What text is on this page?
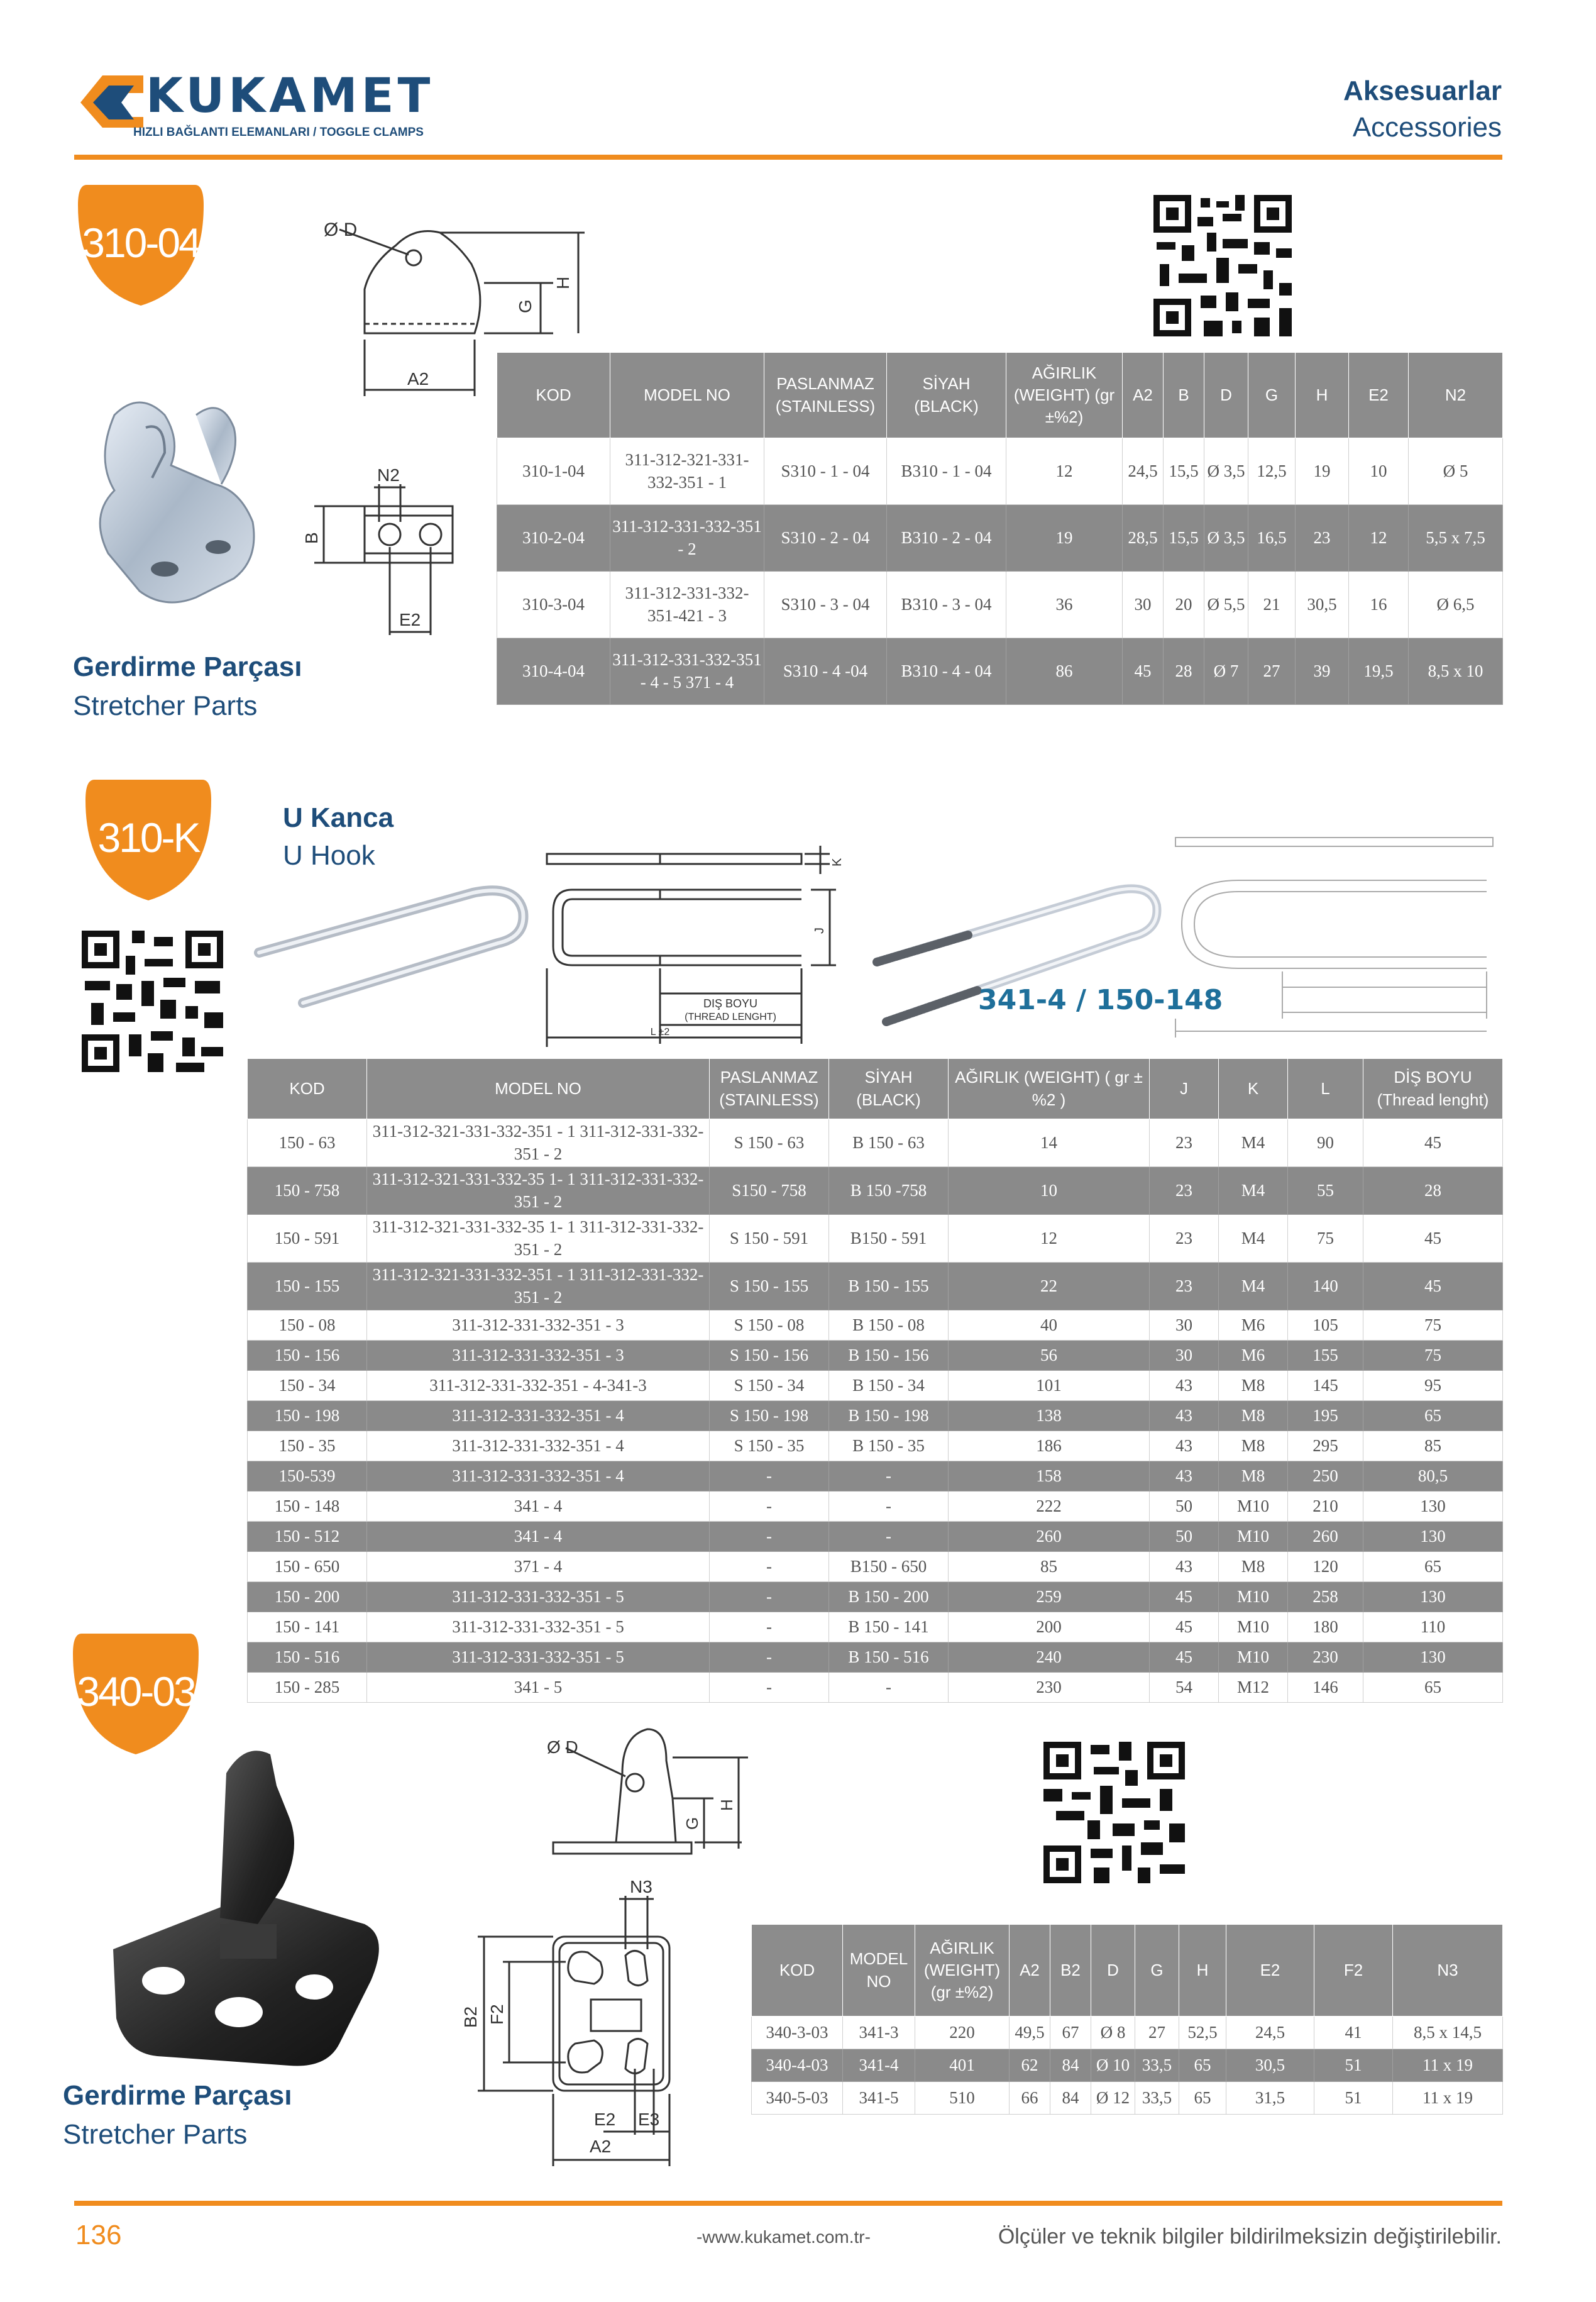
KUKAMET
HIZLI BAĞLANTI ELEMANLARI / TOGGLE CLAMPS
Aksesuarlar
Accessories
310-04	Ø D
G
H
A2
N2
B
E2
KOD	MODEL NO	PASLANMAZ (STAINLESS)	SİYAH (BLACK)	AĞIRLIK (WEIGHT) (gr ±%2)	A2	B	D	G	H	E2	N2
310-1-04	311-312-321-331-332-351 - 1	S310 - 1 - 04	B310 - 1 - 04	12	24,5	15,5	Ø 3,5	12,5	19	10	Ø 5
310-2-04	311-312-331-332-351 - 2	S310 - 2 - 04	B310 - 2 - 04	19	28,5	15,5	Ø 3,5	16,5	23	12	5,5 x 7,5
310-3-04	311-312-331-332-351-421 - 3	S310 - 3 - 04	B310 - 3 - 04	36	30	20	Ø 5,5	21	30,5	16	Ø 6,5
310-4-04	311-312-331-332-351 - 4 - 5 371 - 4	S310 - 4 -04	B310 - 4 - 04	86	45	28	Ø 7	27	39	19,5	8,5 x 10
Gerdirme Parçası
Stretcher Parts
310-K	U Kanca
U Hook	K
J
DIŞ BOYU
(THREAD LENGHT)
L ±2
341-4 / 150-148
KOD	MODEL NO	PASLANMAZ (STAINLESS)	SİYAH (BLACK)	AĞIRLIK (WEIGHT) ( gr ± %2 )	J	K	L	DİŞ BOYU (Thread lenght)
150 - 63	311-312-321-331-332-351 - 1 311-312-331-332-351 - 2	S 150 - 63	B 150 - 63	14	23	M4	90	45
150 - 758	311-312-321-331-332-35 1- 1 311-312-331-332-351 - 2	S150 - 758	B 150 -758	10	23	M4	55	28
150 - 591	311-312-321-331-332-35 1- 1 311-312-331-332-351 - 2	S 150 - 591	B150 - 591	12	23	M4	75	45
150 - 155	311-312-321-331-332-351 - 1 311-312-331-332-351 - 2	S 150 - 155	B 150 - 155	22	23	M4	140	45
150 - 08	311-312-331-332-351 - 3	S 150 - 08	B 150 - 08	40	30	M6	105	75
150 - 156	311-312-331-332-351 - 3	S 150 - 156	B 150 - 156	56	30	M6	155	75
150 - 34	311-312-331-332-351 - 4-341-3	S 150 - 34	B 150 - 34	101	43	M8	145	95
150 - 198	311-312-331-332-351 - 4	S 150 - 198	B 150 - 198	138	43	M8	195	65
150 - 35	311-312-331-332-351 - 4	S 150 - 35	B 150 - 35	186	43	M8	295	85
150-539	311-312-331-332-351 - 4	-	-	158	43	M8	250	80,5
150 - 148	341 - 4	-	-	222	50	M10	210	130
150 - 512	341 - 4	-	-	260	50	M10	260	130
150 - 650	371 - 4	-	B150 - 650	85	43	M8	120	65
150 - 200	311-312-331-332-351 - 5	-	B 150 - 200	259	45	M10	258	130
150 - 141	311-312-331-332-351 - 5	-	B 150 - 141	200	45	M10	180	110
150 - 516	311-312-331-332-351 - 5	-	B 150 - 516	240	45	M10	230	130
150 - 285	341 - 5	-	-	230	54	M12	146	65
340-03
Gerdirme Parçası
Stretcher Parts
Ø D
G
H
N3
B2 F2
E2 E3
A2
KOD	MODEL NO	AĞIRLIK (WEIGHT) (gr ±%2)	A2	B2	D	G	H	E2	F2	N3
340-3-03	341-3	220	49,5	67	Ø 8	27	52,5	24,5	41	8,5 x 14,5
340-4-03	341-4	401	62	84	Ø 10	33,5	65	30,5	51	11 x 19
340-5-03	341-5	510	66	84	Ø 12	33,5	65	31,5	51	11 x 19
136	-www.kukamet.com.tr-	Ölçüler ve teknik bilgiler bildirilmeksizin değiştirilebilir.
